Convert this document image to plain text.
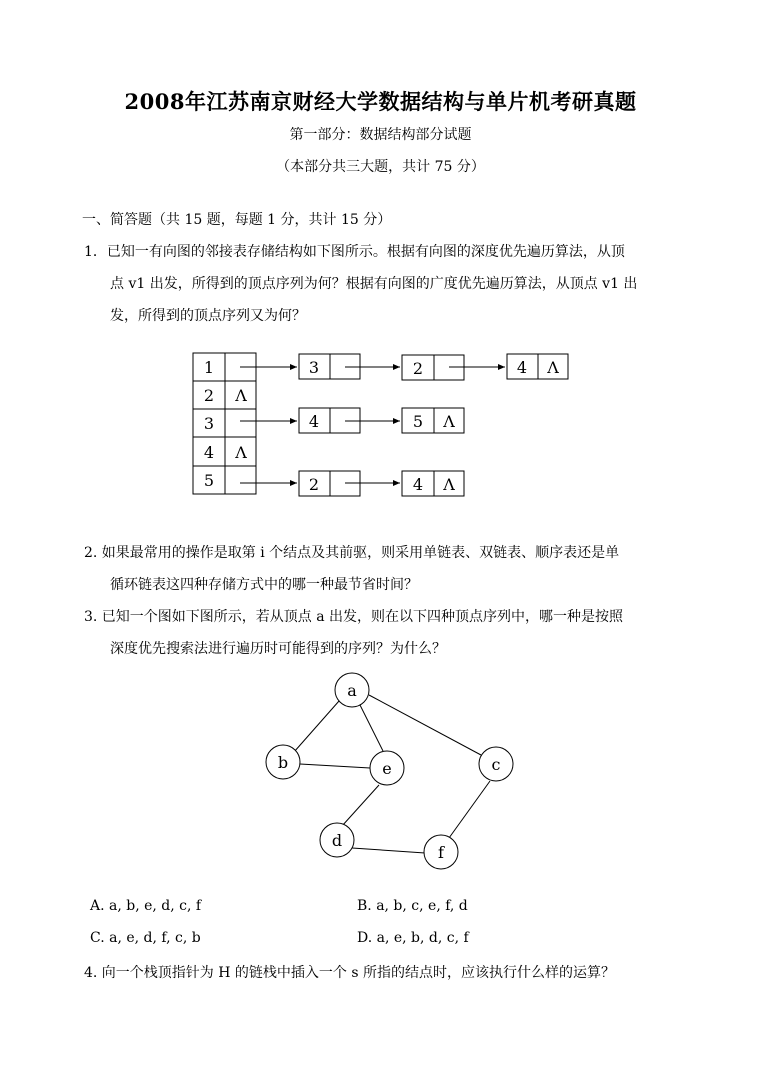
2008年江苏南京财经大学数据结构与单片机考研真题
第一部分：数据结构部分试题
（本部分共三大题，共计 75 分）
一、简答题（共 15 题，每题 1 分，共计 15 分）
1．已知一有向图的邻接表存储结构如下图所示。根据有向图的深度优先遍历算法，从顶
点 v1 出发，所得到的顶点序列为何？根据有向图的广度优先遍历算法，从顶点 v1 出
发，所得到的顶点序列又为何？
1
2
3
4
5
Λ
Λ
3	2	4 Λ
4	5 Λ
2	4 Λ
a
b	c
d
e
f
2. 如果最常用的操作是取第 i 个结点及其前驱，则采用单链表、双链表、顺序表还是单
循环链表这四种存储方式中的哪一种最节省时间？
3. 已知一个图如下图所示，若从顶点 a 出发，则在以下四种顶点序列中，哪一种是按照
深度优先搜索法进行遍历时可能得到的序列？为什么？
A. a, b, e, d, c, f	B. a, b, c, e, f, d
C. a, e, d, f, c, b	D. a, e, b, d, c, f
4. 向一个栈顶指针为 H 的链栈中插入一个 s 所指的结点时，应该执行什么样的运算？
